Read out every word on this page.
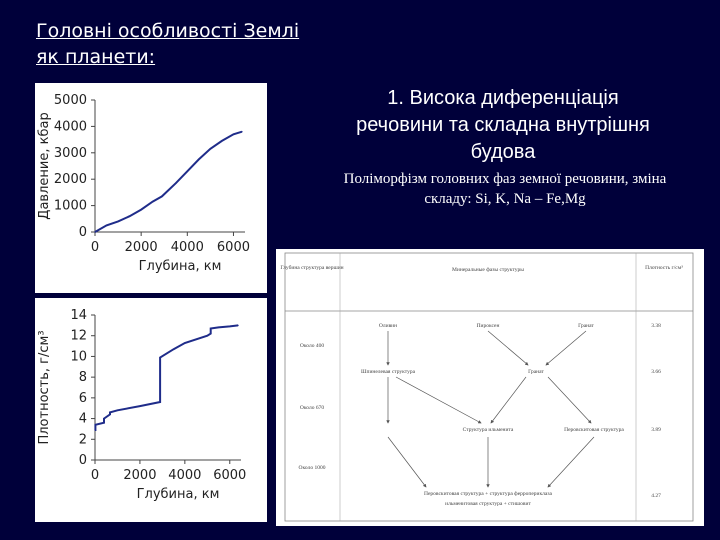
Головні особливості Землі
як планети:
1. Висока диференціація
речовини та складна внутрішня
будова
Поліморфізм головних фаз земної речовини, зміна
складу: Si, K, Na – Fe,Mg
0
1000
2000
3000
4000
5000
0 2000 4000 6000
Глубина, км
Давление, кбар
0
2
4
6
8
10
12
14
0 2000 4000 6000
Глубина, км
Плотность, г/см³
Глубина структура вершин	Минеральные фазы структуры	Плотность г/см³
Оливин	Пироксен	Гранат
Около 400
Около 670
Около 1000
3.38
3.66
3.89
4.27
Шпинелевая структура	Гранат
Структура ильменита	Перовскитовая структура
Перовскитовая структура + структура ферропериклаза
ильменитовая структура + стишовит
